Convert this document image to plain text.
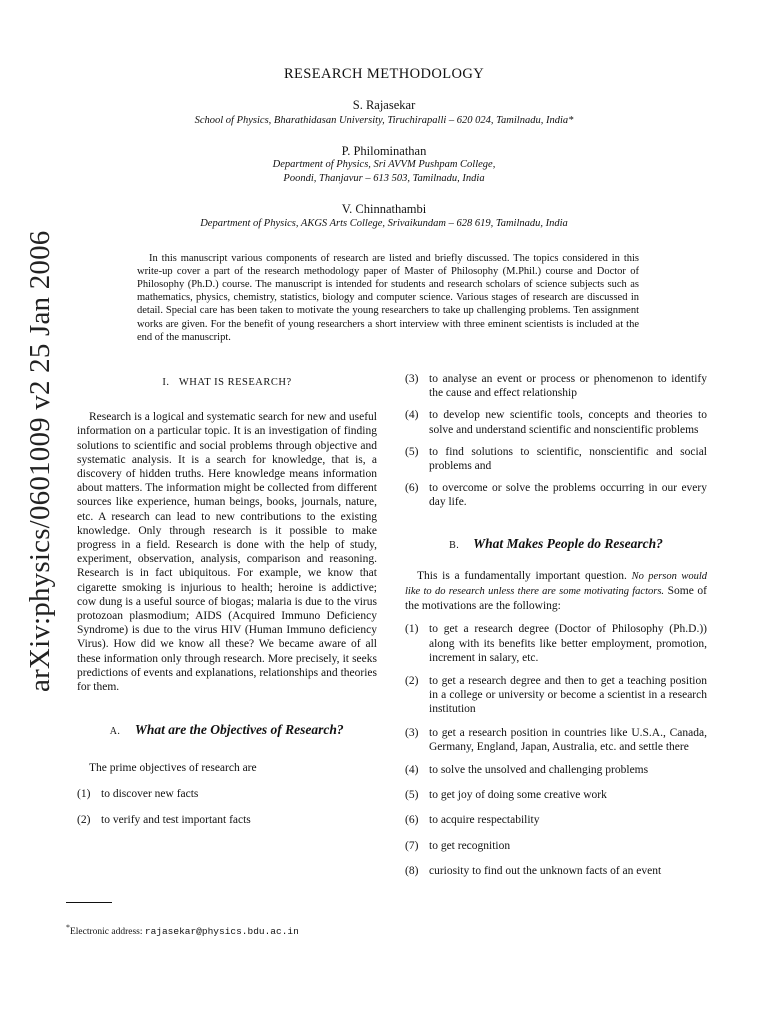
arXiv:physics/0601009 v2 25 Jan 2006
RESEARCH METHODOLOGY
S. Rajasekar
School of Physics, Bharathidasan University, Tiruchirapalli – 620 024, Tamilnadu, India*
P. Philominathan
Department of Physics, Sri AVVM Pushpam College,
Poondi, Thanjavur – 613 503, Tamilnadu, India
V. Chinnathambi
Department of Physics, AKGS Arts College, Srivaikundam – 628 619, Tamilnadu, India

In this manuscript various components of research are listed and briefly discussed. The topics considered in this write-up cover a part of the research methodology paper of Master of Philosophy (M.Phil.) course and Doctor of Philosophy (Ph.D.) course. The manuscript is intended for students and research scholars of science subjects such as mathematics, physics, chemistry, statistics, biology and computer science. Various stages of research are discussed in detail. Special care has been taken to motivate the young researchers to take up challenging problems. Ten assignment works are given. For the benefit of young researchers a short interview with three eminent scientists is included at the end of the manuscript.

I. WHAT IS RESEARCH?

Research is a logical and systematic search for new and useful information on a particular topic. It is an investigation of finding solutions to scientific and social problems through objective and systematic analysis. It is a search for knowledge, that is, a discovery of hidden truths. Here knowledge means information about matters. The information might be collected from different sources like experience, human beings, books, journals, nature, etc. A research can lead to new contributions to the existing knowledge. Only through research is it possible to make progress in a field. Research is done with the help of study, experiment, observation, analysis, comparison and reasoning. Research is in fact ubiquitous. For example, we know that cigarette smoking is injurious to health; heroine is addictive; cow dung is a useful source of biogas; malaria is due to the virus protozoan plasmodium; AIDS (Acquired Immuno Deficiency Syndrome) is due to the virus HIV (Human Immuno deficiency Virus). How did we know all these? We became aware of all these information only through research. More precisely, it seeks predictions of events and explanations, relationships and theories for them.

A. What are the Objectives of Research?

The prime objectives of research are

(1) to discover new facts
(2) to verify and test important facts
(3) to analyse an event or process or phenomenon to identify the cause and effect relationship
(4) to develop new scientific tools, concepts and theories to solve and understand scientific and nonscientific problems
(5) to find solutions to scientific, nonscientific and social problems and
(6) to overcome or solve the problems occurring in our every day life.
B. What Makes People do Research?

This is a fundamentally important question. No person would like to do research unless there are some motivating factors. Some of the motivations are the following:

(1) to get a research degree (Doctor of Philosophy (Ph.D.)) along with its benefits like better employment, promotion, increment in salary, etc.
(2) to get a research degree and then to get a teaching position in a college or university or become a scientist in a research institution
(3) to get a research position in countries like U.S.A., Canada, Germany, England, Japan, Australia, etc. and settle there
(4) to solve the unsolved and challenging problems
(5) to get joy of doing some creative work
(6) to acquire respectability
(7) to get recognition
(8) curiosity to find out the unknown facts of an event
*Electronic address: rajasekar@physics.bdu.ac.in
